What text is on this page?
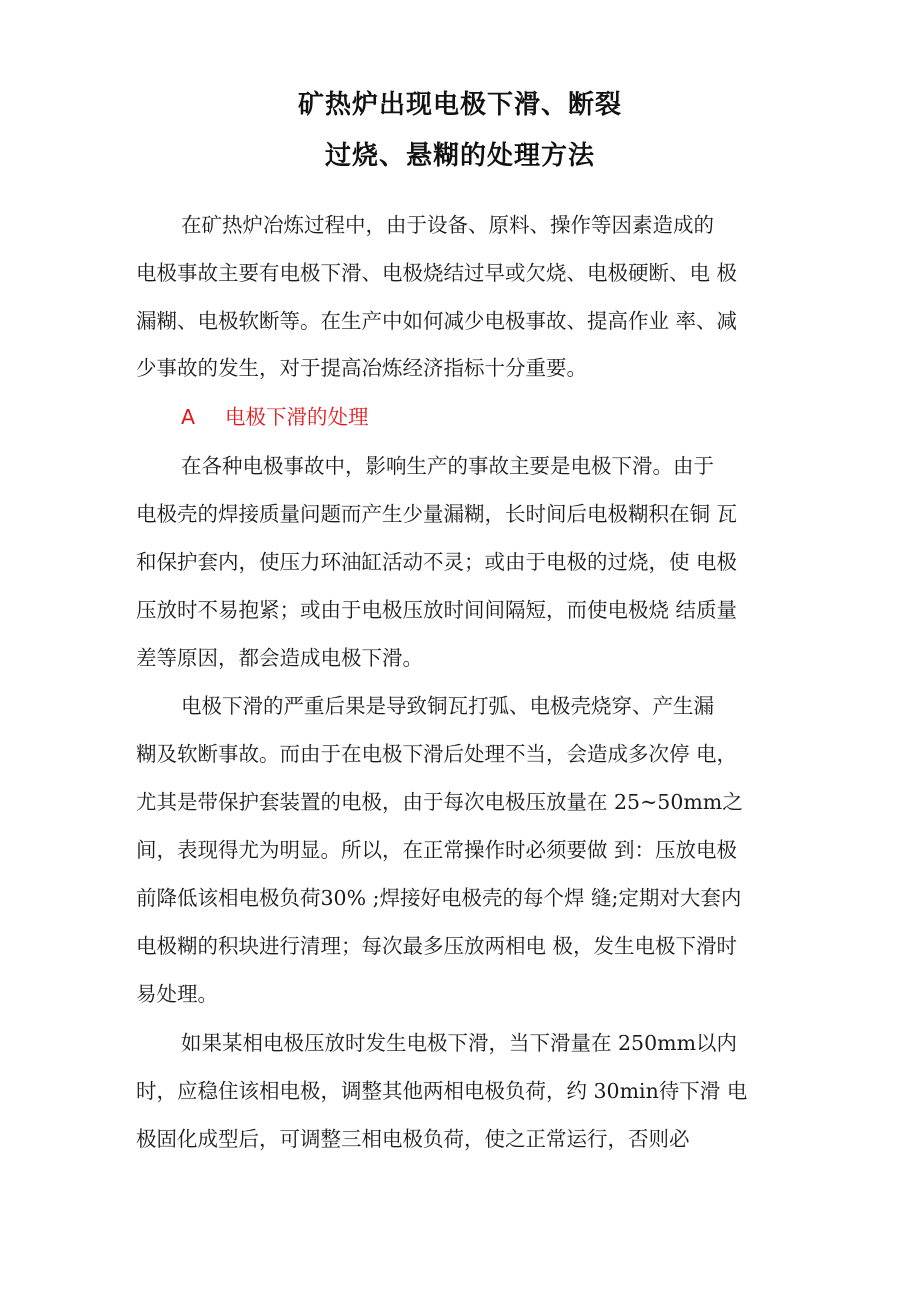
矿热炉出现电极下滑、断裂
过烧、悬糊的处理方法
在矿热炉冶炼过程中，由于设备、原料、操作等因素造成的
电极事故主要有电极下滑、电极烧结过早或欠烧、电极硬断、电 极
漏糊、电极软断等。在生产中如何减少电极事故、提高作业 率、减
少事故的发生，对于提高冶炼经济指标十分重要。
A 电极下滑的处理
在各种电极事故中，影响生产的事故主要是电极下滑。由于
电极壳的焊接质量问题而产生少量漏糊，长时间后电极糊积在铜 瓦
和保护套内，使压力环油缸活动不灵；或由于电极的过烧，使 电极
压放时不易抱紧；或由于电极压放时间间隔短，而使电极烧 结质量
差等原因，都会造成电极下滑。
电极下滑的严重后果是导致铜瓦打弧、电极壳烧穿、产生漏
糊及软断事故。而由于在电极下滑后处理不当，会造成多次停 电，
尤其是带保护套装置的电极，由于每次电极压放量在 25~50mm之
间，表现得尤为明显。所以，在正常操作时必须要做 到：压放电极
前降低该相电极负荷30% ;焊接好电极壳的每个焊 缝;定期对大套内
电极糊的积块进行清理；每次最多压放两相电 极，发生电极下滑时
易处理。
如果某相电极压放时发生电极下滑，当下滑量在 250mm以内
时，应稳住该相电极，调整其他两相电极负荷，约 30min待下滑 电
极固化成型后，可调整三相电极负荷，使之正常运行，否则必
